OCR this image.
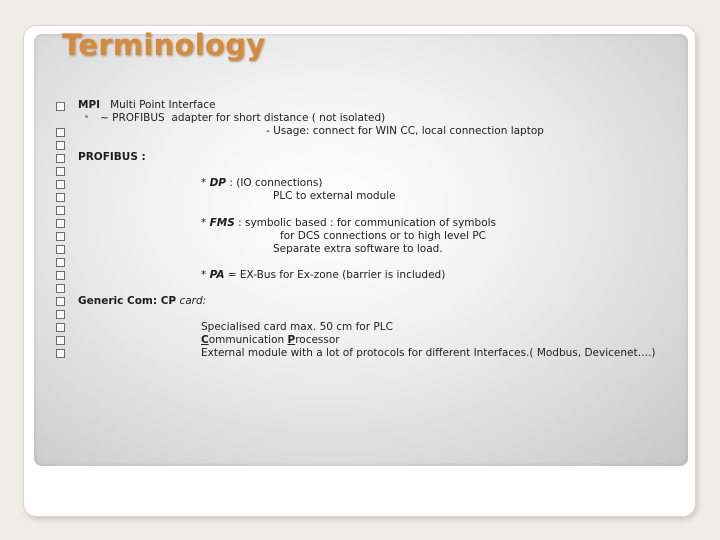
Terminology
MPI Multi Point Interface
~ PROFIBUS  adapter for short distance ( not isolated)
- Usage: connect for WIN CC, local connection laptop
PROFIBUS :
* DP : (IO connections)
PLC to external module
* FMS : symbolic based : for communication of symbols
for DCS connections or to high level PC
Separate extra software to load.
* PA = EX-Bus for Ex-zone (barrier is included)
Generic Com: CP card:
Specialised card max. 50 cm for PLC
Communication Processor
External module with a lot of protocols for different Interfaces.( Modbus, Devicenet….)
